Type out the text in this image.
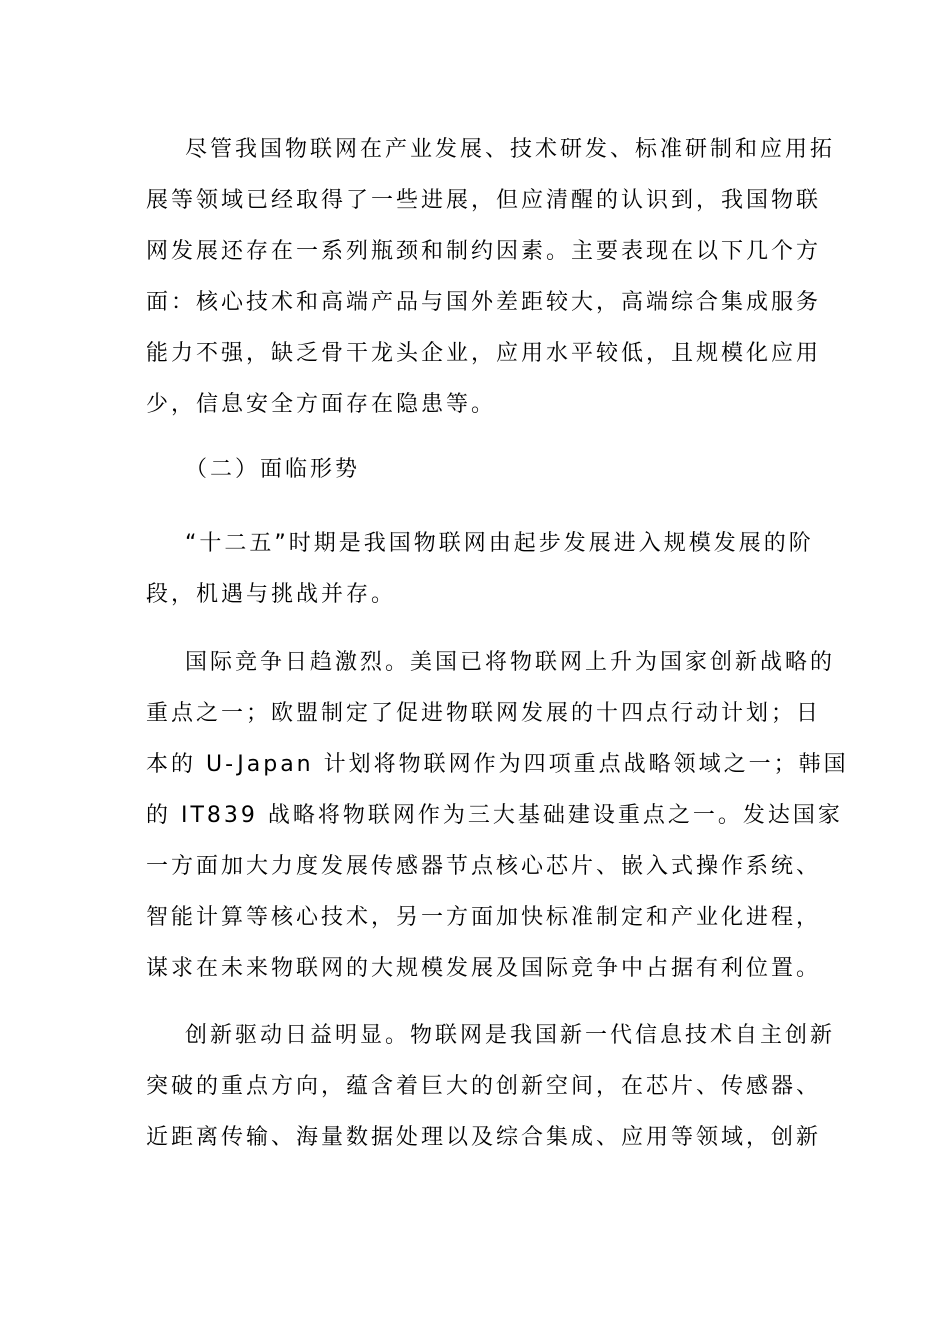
尽管我国物联网在产业发展、技术研发、标准研制和应用拓
展等领域已经取得了一些进展，但应清醒的认识到，我国物联
网发展还存在一系列瓶颈和制约因素。主要表现在以下几个方
面：核心技术和高端产品与国外差距较大，高端综合集成服务
能力不强，缺乏骨干龙头企业，应用水平较低，且规模化应用
少，信息安全方面存在隐患等。
（二）面临形势
“十二五”时期是我国物联网由起步发展进入规模发展的阶
段，机遇与挑战并存。
国际竞争日趋激烈。美国已将物联网上升为国家创新战略的
重点之一；欧盟制定了促进物联网发展的十四点行动计划；日
本的 U-Japan 计划将物联网作为四项重点战略领域之一；韩国
的 IT839 战略将物联网作为三大基础建设重点之一。发达国家
一方面加大力度发展传感器节点核心芯片、嵌入式操作系统、
智能计算等核心技术，另一方面加快标准制定和产业化进程，
谋求在未来物联网的大规模发展及国际竞争中占据有利位置。
创新驱动日益明显。物联网是我国新一代信息技术自主创新
突破的重点方向，蕴含着巨大的创新空间，在芯片、传感器、
近距离传输、海量数据处理以及综合集成、应用等领域，创新
